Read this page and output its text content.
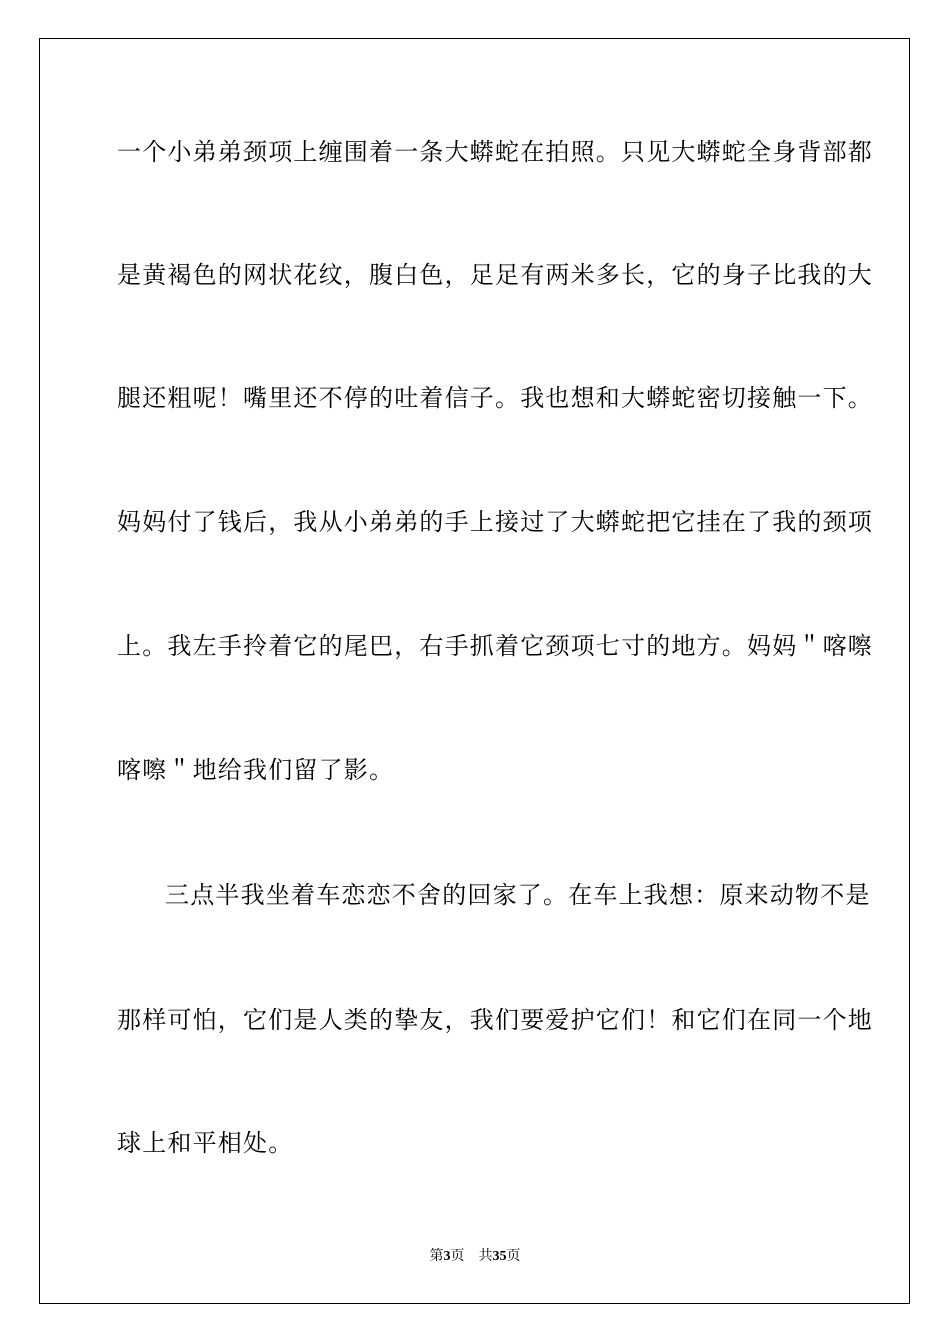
一个小弟弟颈项上缠围着一条大蟒蛇在拍照。只见大蟒蛇全身背部都
是黄褐色的网状花纹，腹白色，足足有两米多长，它的身子比我的大
腿还粗呢！嘴里还不停的吐着信子。我也想和大蟒蛇密切接触一下。
妈妈付了钱后，我从小弟弟的手上接过了大蟒蛇把它挂在了我的颈项
上。我左手拎着它的尾巴，右手抓着它颈项七寸的地方。妈妈＂喀嚓
喀嚓＂地给我们留了影。
三点半我坐着车恋恋不舍的回家了。在车上我想：原来动物不是
那样可怕，它们是人类的挚友，我们要爱护它们！和它们在同一个地
球上和平相处。
第3页 共35页
